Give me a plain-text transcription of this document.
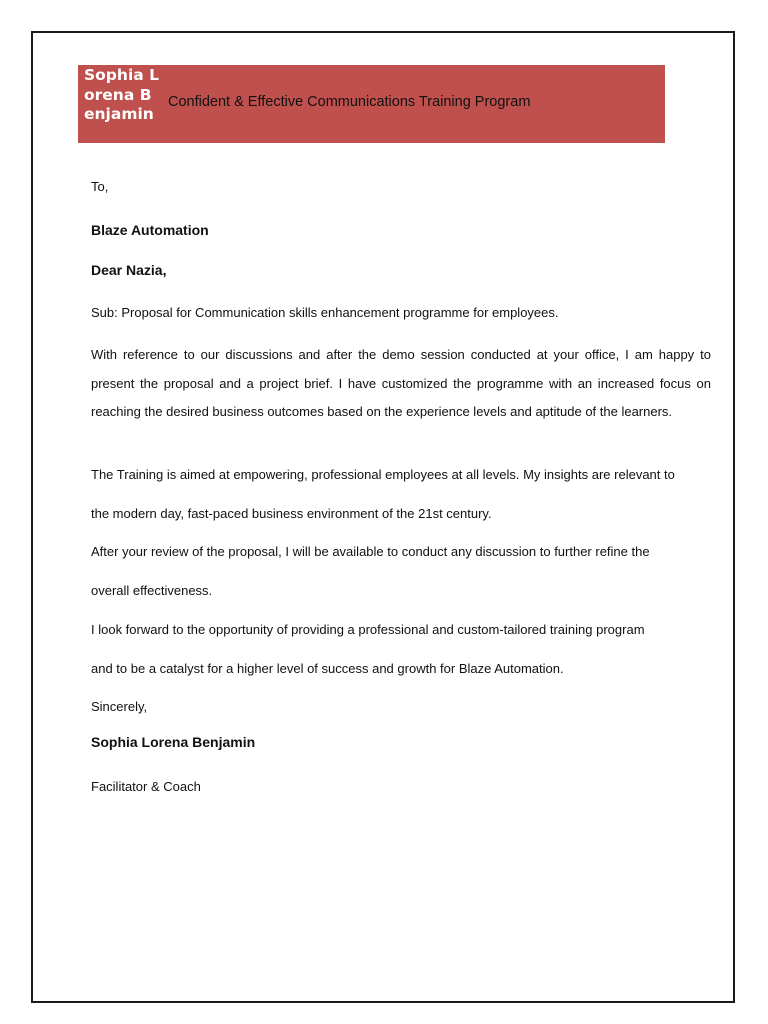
Sophia Lorena Benjamin
Confident & Effective Communications Training Program
To,
Blaze Automation
Dear Nazia,
Sub: Proposal for Communication skills enhancement programme for employees.
With reference to our discussions and after the demo session conducted at your office, I am happy to present the proposal and a project brief. I have customized the programme with an increased focus on reaching the desired business outcomes based on the experience levels and aptitude of the learners.
The Training is aimed at empowering, professional employees at all levels. My insights are relevant to
the modern day, fast-paced business environment of the 21st century.
After your review of the proposal, I will be available to conduct any discussion to further refine the
overall effectiveness.
I look forward to the opportunity of providing a professional and custom-tailored training program
and to be a catalyst for a higher level of success and growth for Blaze Automation.
Sincerely,
Sophia Lorena Benjamin
Facilitator & Coach
